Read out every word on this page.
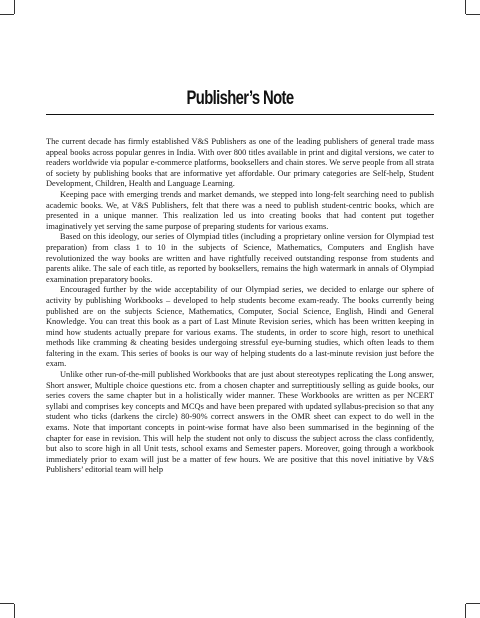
Publisher’s Note

The current decade has firmly established V&S Publishers as one of the leading publishers of general trade mass appeal books across popular genres in India. With over 800 titles available in print and digital versions, we cater to readers worldwide via popular e-commerce platforms, booksellers and chain stores. We serve people from all strata of society by publishing books that are informative yet affordable. Our primary categories are Self-help, Student Development, Children, Health and Language Learning.

Keeping pace with emerging trends and market demands, we stepped into long-felt searching need to publish academic books. We, at V&S Publishers, felt that there was a need to publish student-centric books, which are presented in a unique manner. This realization led us into creating books that had content put together imaginatively yet serving the same purpose of preparing students for various exams.

Based on this ideology, our series of Olympiad titles (including a proprietary online version for Olympiad test preparation) from class 1 to 10 in the subjects of Science, Mathematics, Computers and English have revolutionized the way books are written and have rightfully received outstanding response from students and parents alike. The sale of each title, as reported by booksellers, remains the high watermark in annals of Olympiad examination preparatory books.

Encouraged further by the wide acceptability of our Olympiad series, we decided to enlarge our sphere of activity by publishing Workbooks – developed to help students become exam-ready. The books currently being published are on the subjects Science, Mathematics, Computer, Social Science, English, Hindi and General Knowledge. You can treat this book as a part of Last Minute Revision series, which has been written keeping in mind how students actually prepare for various exams. The students, in order to score high, resort to unethical methods like cramming & cheating besides undergoing stressful eye-burning studies, which often leads to them faltering in the exam. This series of books is our way of helping students do a last-minute revision just before the exam.

Unlike other run-of-the-mill published Workbooks that are just about stereotypes replicating the Long answer, Short answer, Multiple choice questions etc. from a chosen chapter and surreptitiously selling as guide books, our series covers the same chapter but in a holistically wider manner. These Workbooks are written as per NCERT syllabi and comprises key concepts and MCQs and have been prepared with updated syllabus-precision so that any student who ticks (darkens the circle) 80-90% correct answers in the OMR sheet can expect to do well in the exams. Note that important concepts in point-wise format have also been summarised in the beginning of the chapter for ease in revision. This will help the student not only to discuss the subject across the class confidently, but also to score high in all Unit tests, school exams and Semester papers. Moreover, going through a workbook immediately prior to exam will just be a matter of few hours. We are positive that this novel initiative by V&S Publishers’ editorial team will help
